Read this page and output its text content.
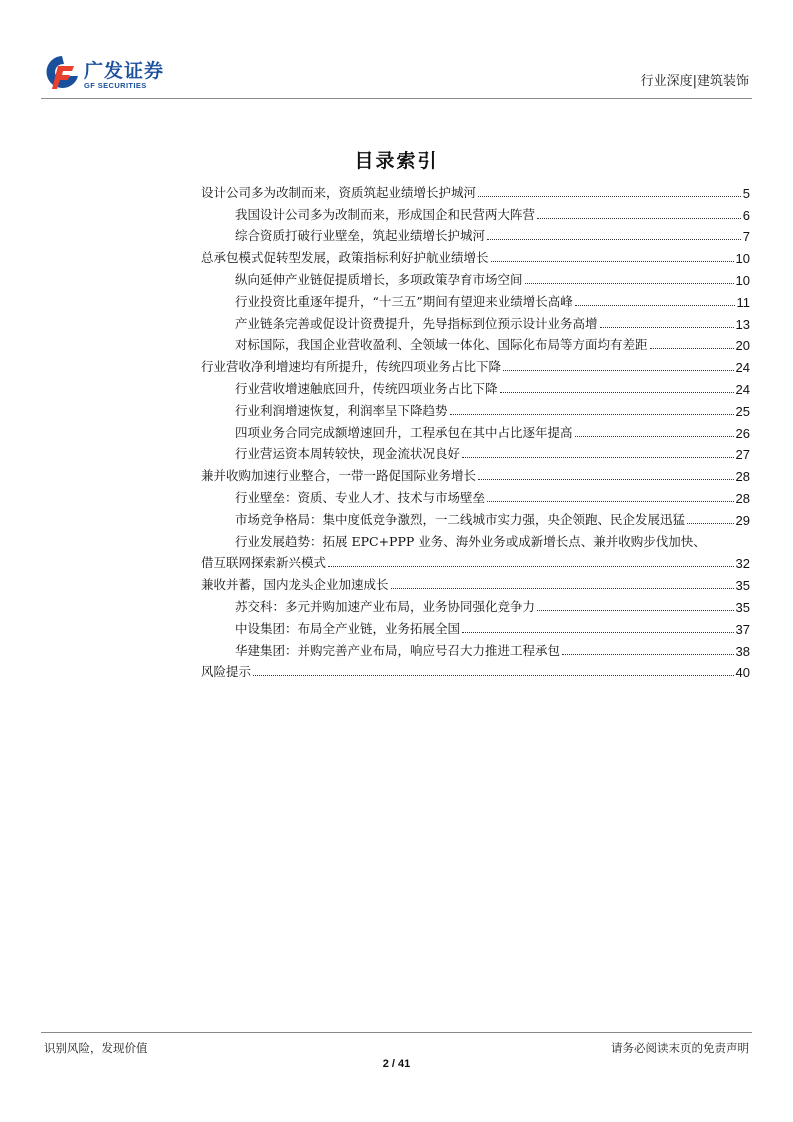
广发证券
GF SECURITIES	行业深度|建筑装饰
目录索引
设计公司多为改制而来，资质筑起业绩增长护城河	5
我国设计公司多为改制而来，形成国企和民营两大阵营	6
综合资质打破行业壁垒，筑起业绩增长护城河	7
总承包模式促转型发展，政策指标利好护航业绩增长	10
纵向延伸产业链促提质增长，多项政策孕育市场空间	10
行业投资比重逐年提升，“十三五”期间有望迎来业绩增长高峰	11
产业链条完善或促设计资费提升，先导指标到位预示设计业务高增	13
对标国际，我国企业营收盈利、全领域一体化、国际化布局等方面均有差距	20
行业营收净利增速均有所提升，传统四项业务占比下降	24
行业营收增速触底回升，传统四项业务占比下降	24
行业利润增速恢复，利润率呈下降趋势	25
四项业务合同完成额增速回升，工程承包在其中占比逐年提高	26
行业营运资本周转较快，现金流状况良好	27
兼并收购加速行业整合，一带一路促国际业务增长	28
行业壁垒：资质、专业人才、技术与市场壁垒	28
市场竞争格局：集中度低竞争激烈，一二线城市实力强，央企领跑、民企发展迅猛	29
行业发展趋势：拓展 EPC+PPP 业务、海外业务或成新增长点、兼并收购步伐加快、
借互联网探索新兴模式	32
兼收并蓄，国内龙头企业加速成长	35
苏交科：多元并购加速产业布局，业务协同强化竞争力	35
中设集团：布局全产业链，业务拓展全国	37
华建集团：并购完善产业布局，响应号召大力推进工程承包	38
风险提示	40
识别风险，发现价值	请务必阅读末页的免责声明
2 / 41
